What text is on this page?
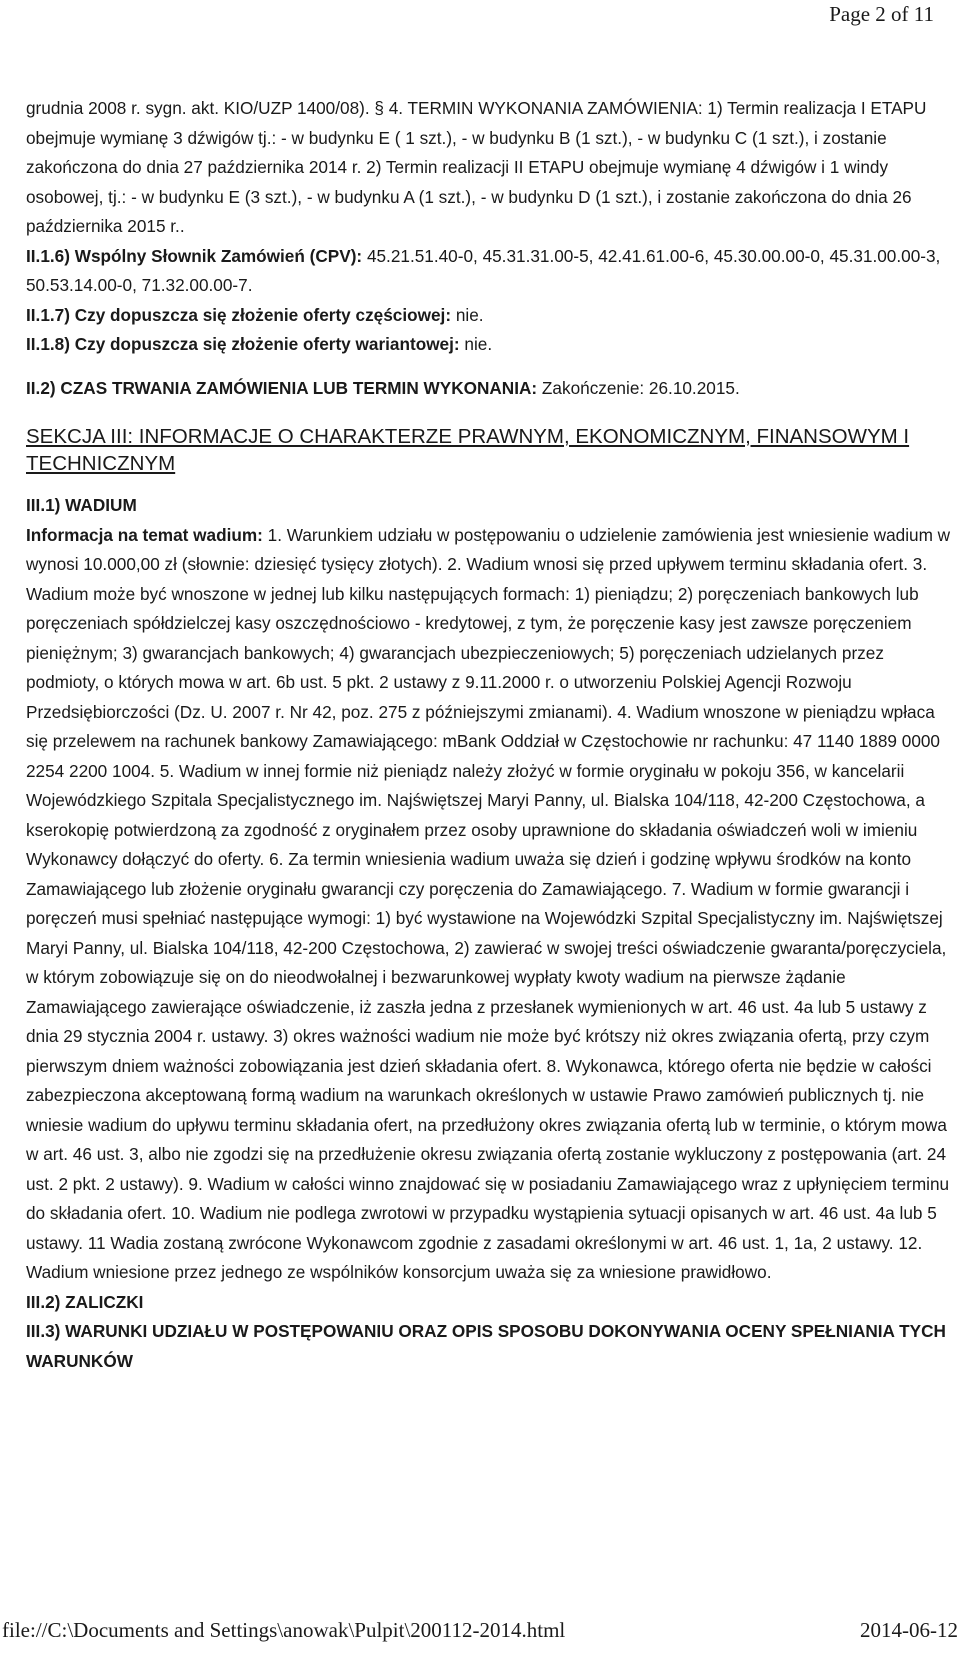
Page 2 of 11

grudnia 2008 r. sygn. akt. KIO/UZP 1400/08). § 4. TERMIN WYKONANIA ZAMÓWIENIA: 1) Termin realizacja I ETAPU obejmuje wymianę 3 dźwigów tj.: - w budynku E ( 1 szt.), - w budynku B (1 szt.), - w budynku C (1 szt.), i zostanie zakończona do dnia 27 października 2014 r. 2) Termin realizacji II ETAPU obejmuje wymianę 4 dźwigów i 1 windy osobowej, tj.: - w budynku E (3 szt.), - w budynku A (1 szt.), - w budynku D (1 szt.), i zostanie zakończona do dnia 26 października 2015 r..

II.1.6) Wspólny Słownik Zamówień (CPV): 45.21.51.40-0, 45.31.31.00-5, 42.41.61.00-6, 45.30.00.00-0, 45.31.00.00-3, 50.53.14.00-0, 71.32.00.00-7.

II.1.7) Czy dopuszcza się złożenie oferty częściowej: nie.

II.1.8) Czy dopuszcza się złożenie oferty wariantowej: nie.

II.2) CZAS TRWANIA ZAMÓWIENIA LUB TERMIN WYKONANIA: Zakończenie: 26.10.2015.

SEKCJA III: INFORMACJE O CHARAKTERZE PRAWNYM, EKONOMICZNYM, FINANSOWYM I TECHNICZNYM

III.1) WADIUM

Informacja na temat wadium: 1. Warunkiem udziału w postępowaniu o udzielenie zamówienia jest wniesienie wadium w wynosi 10.000,00 zł (słownie: dziesięć tysięcy złotych). 2. Wadium wnosi się przed upływem terminu składania ofert. 3. Wadium może być wnoszone w jednej lub kilku następujących formach: 1) pieniądzu; 2) poręczeniach bankowych lub poręczeniach spółdzielczej kasy oszczędnościowo - kredytowej, z tym, że poręczenie kasy jest zawsze poręczeniem pieniężnym; 3) gwarancjach bankowych; 4) gwarancjach ubezpieczeniowych; 5) poręczeniach udzielanych przez podmioty, o których mowa w art. 6b ust. 5 pkt. 2 ustawy z 9.11.2000 r. o utworzeniu Polskiej Agencji Rozwoju Przedsiębiorczości (Dz. U. 2007 r. Nr 42, poz. 275 z późniejszymi zmianami). 4. Wadium wnoszone w pieniądzu wpłaca się przelewem na rachunek bankowy Zamawiającego: mBank Oddział w Częstochowie nr rachunku: 47 1140 1889 0000 2254 2200 1004. 5. Wadium w innej formie niż pieniądz należy złożyć w formie oryginału w pokoju 356, w kancelarii Wojewódzkiego Szpitala Specjalistycznego im. Najświętszej Maryi Panny, ul. Bialska 104/118, 42-200 Częstochowa, a kserokopię potwierdzoną za zgodność z oryginałem przez osoby uprawnione do składania oświadczeń woli w imieniu Wykonawcy dołączyć do oferty. 6. Za termin wniesienia wadium uważa się dzień i godzinę wpływu środków na konto Zamawiającego lub złożenie oryginału gwarancji czy poręczenia do Zamawiającego. 7. Wadium w formie gwarancji i poręczeń musi spełniać następujące wymogi: 1) być wystawione na Wojewódzki Szpital Specjalistyczny im. Najświętszej Maryi Panny, ul. Bialska 104/118, 42-200 Częstochowa, 2) zawierać w swojej treści oświadczenie gwaranta/poręczyciela, w którym zobowiązuje się on do nieodwołalnej i bezwarunkowej wypłaty kwoty wadium na pierwsze żądanie Zamawiającego zawierające oświadczenie, iż zaszła jedna z przesłanek wymienionych w art. 46 ust. 4a lub 5 ustawy z dnia 29 stycznia 2004 r. ustawy. 3) okres ważności wadium nie może być krótszy niż okres związania ofertą, przy czym pierwszym dniem ważności zobowiązania jest dzień składania ofert. 8. Wykonawca, którego oferta nie będzie w całości zabezpieczona akceptowaną formą wadium na warunkach określonych w ustawie Prawo zamówień publicznych tj. nie wniesie wadium do upływu terminu składania ofert, na przedłużony okres związania ofertą lub w terminie, o którym mowa w art. 46 ust. 3, albo nie zgodzi się na przedłużenie okresu związania ofertą zostanie wykluczony z postępowania (art. 24 ust. 2 pkt. 2 ustawy). 9. Wadium w całości winno znajdować się w posiadaniu Zamawiającego wraz z upłynięciem terminu do składania ofert. 10. Wadium nie podlega zwrotowi w przypadku wystąpienia sytuacji opisanych w art. 46 ust. 4a lub 5 ustawy. 11 Wadia zostaną zwrócone Wykonawcom zgodnie z zasadami określonymi w art. 46 ust. 1, 1a, 2 ustawy. 12. Wadium wniesione przez jednego ze wspólników konsorcjum uważa się za wniesione prawidłowo.

III.2) ZALICZKI

III.3) WARUNKI UDZIAŁU W POSTĘPOWANIU ORAZ OPIS SPOSOBU DOKONYWANIA OCENY SPEŁNIANIA TYCH WARUNKÓW

file://C:\Documents and Settings\anowak\Pulpit\200112-2014.html	2014-06-12
